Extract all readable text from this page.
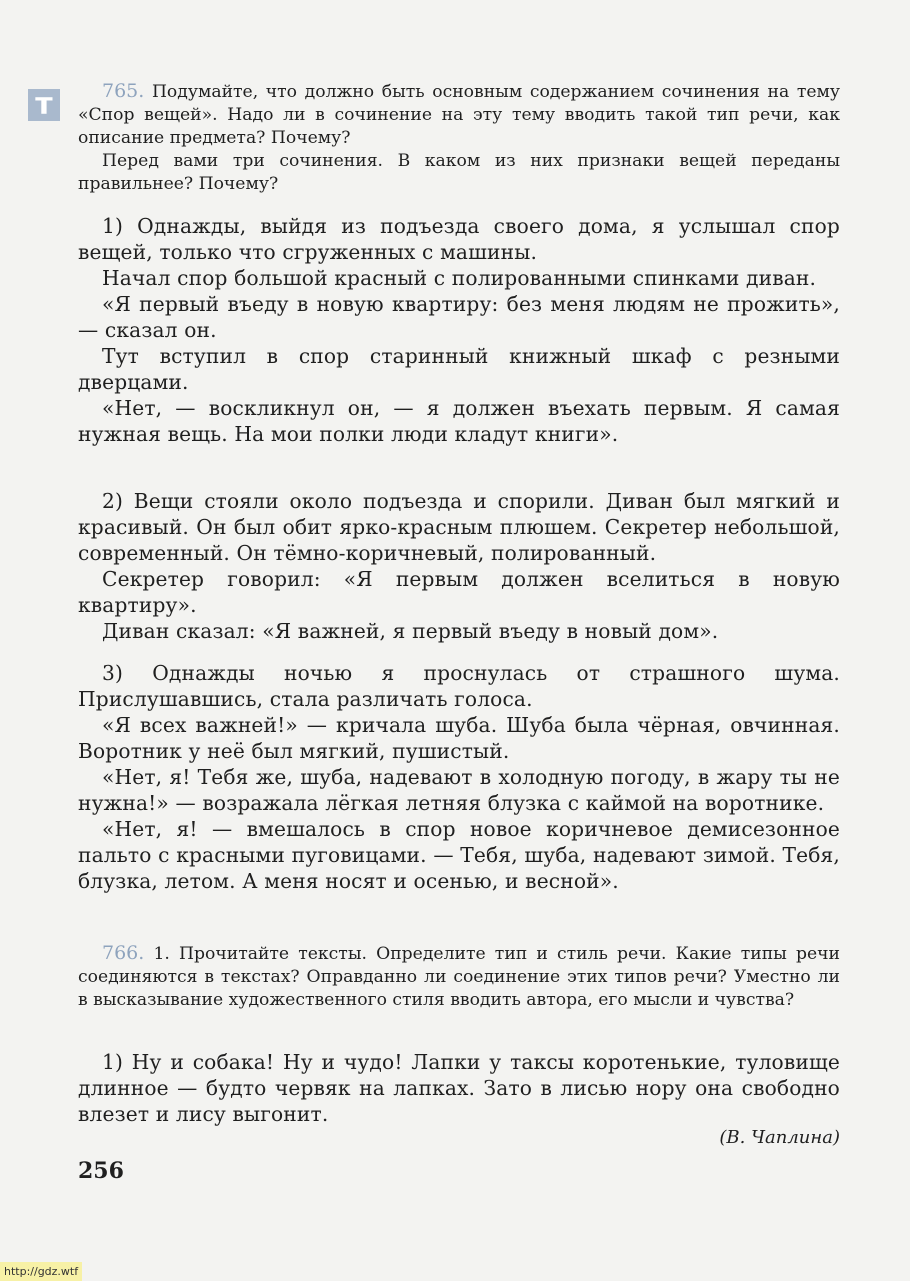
т	765. Подумайте, что должно быть основным содержанием сочинения на тему «Спор вещей». Надо ли в сочинение на эту тему вводить такой тип речи, как описание предмета? Почему?

Перед вами три сочинения. В каком из них признаки вещей переданы правильнее? Почему?

1) Однажды, выйдя из подъезда своего дома, я услышал спор вещей, только что сгруженных с машины.

Начал спор большой красный с полированными спинками диван.

«Я первый въеду в новую квартиру: без меня людям не прожить», — сказал он.

Тут вступил в спор старинный книжный шкаф с резными дверцами.

«Нет, — воскликнул он, — я должен въехать первым. Я самая нужная вещь. На мои полки люди кладут книги».

2) Вещи стояли около подъезда и спорили. Диван был мягкий и красивый. Он был обит ярко-красным плюшем. Секретер небольшой, современный. Он тёмно-коричневый, полированный.

Секретер говорил: «Я первым должен вселиться в новую квартиру».

Диван сказал: «Я важней, я первый въеду в новый дом».

3) Однажды ночью я проснулась от страшного шума. Прислушавшись, стала различать голоса.

«Я всех важней!» — кричала шуба. Шуба была чёрная, овчинная. Воротник у неё был мягкий, пушистый.

«Нет, я! Тебя же, шуба, надевают в холодную погоду, в жару ты не нужна!» — возражала лёгкая летняя блузка с каймой на воротнике.

«Нет, я! — вмешалось в спор новое коричневое демисезонное пальто с красными пуговицами. — Тебя, шуба, надевают зимой. Тебя, блузка, летом. А меня носят и осенью, и весной».

766. 1. Прочитайте тексты. Определите тип и стиль речи. Какие типы речи соединяются в текстах? Оправданно ли соединение этих типов речи? Уместно ли в высказывание художественного стиля вводить автора, его мысли и чувства?

1) Ну и собака! Ну и чудо! Лапки у таксы коротенькие, туловище длинное — будто червяк на лапках. Зато в лисью нору она свободно влезет и лису выгонит.

(В. Чаплина)

256
http://gdz.wtf
